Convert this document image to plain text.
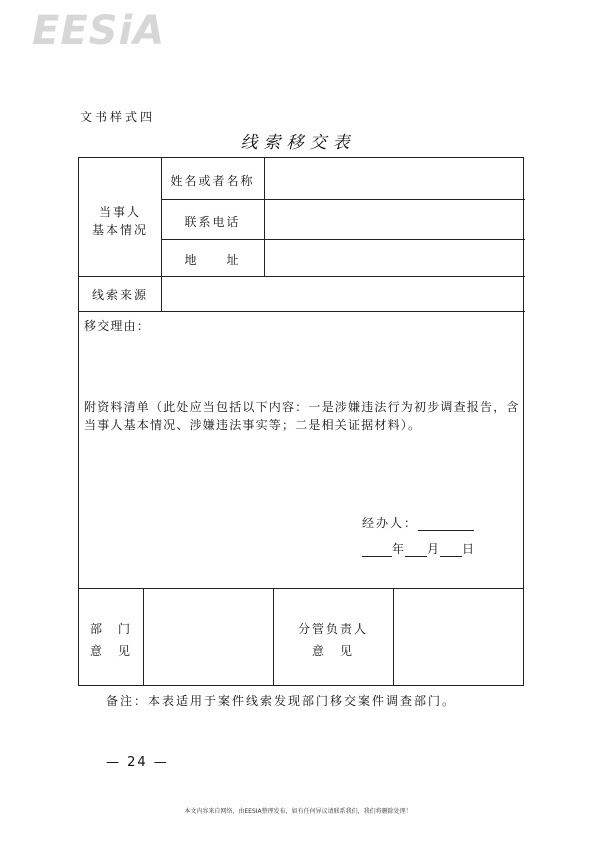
EESiA
文书样式四
线索移交表
当事人
基本情况
姓名或者名称
联系电话
地　　址
线索来源
移交理由：
附资料清单（此处应当包括以下内容：一是涉嫌违法行为初步调查报告，含当事人基本情况、涉嫌违法事实等；二是相关证据材料）。
经办人：
年 月 日
部　门
意　见
分管负责人
意　见
备注：本表适用于案件线索发现部门移交案件调查部门。
— 24 —
本文内容来自网络，由EESIA整理发布，如有任何异议请联系我们，我们将删除处理！
